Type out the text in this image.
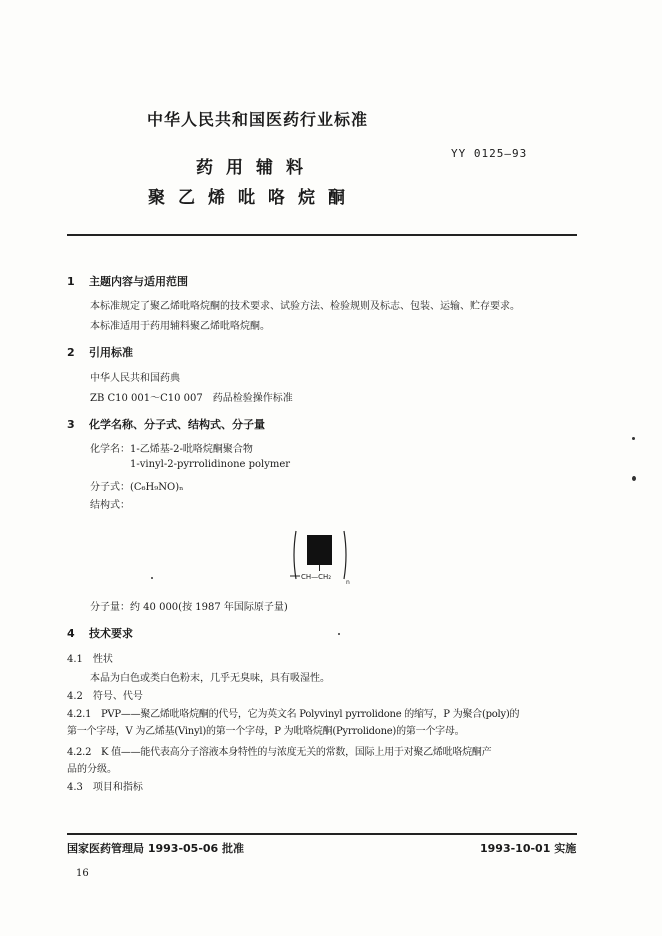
中华人民共和国医药行业标准
YY 0125—93
药用辅料
聚乙烯吡咯烷酮
1 主题内容与适用范围
本标准规定了聚乙烯吡咯烷酮的技术要求、试验方法、检验规则及标志、包装、运输、贮存要求。
本标准适用于药用辅料聚乙烯吡咯烷酮。
2 引用标准
中华人民共和国药典
ZB C10 001～C10 007　药品检验操作标准
3 化学名称、分子式、结构式、分子量
化学名：1-乙烯基-2-吡咯烷酮聚合物
1-vinyl-2-pyrrolidinone polymer
分子式：(C₆H₉NO)ₙ
结构式：
CH—CH₂
n
分子量：约 40 000(按 1987 年国际原子量)
4 技术要求
4.1　 性状
本品为白色或类白色粉末，几乎无臭味，具有吸湿性。
4.2　 符号、代号
4.2.1　PVP——聚乙烯吡咯烷酮的代号，它为英文名 Polyvinyl pyrrolidone 的缩写，P 为聚合(poly)的
第一个字母，V 为乙烯基(Vinyl)的第一个字母，P 为吡咯烷酮(Pyrrolidone)的第一个字母。
4.2.2　K 值——能代表高分子溶液本身特性的与浓度无关的常数，国际上用于对聚乙烯吡咯烷酮产
品的分级。
4.3　项目和指标
国家医药管理局 1993-05-06 批准	1993-10-01 实施
16
